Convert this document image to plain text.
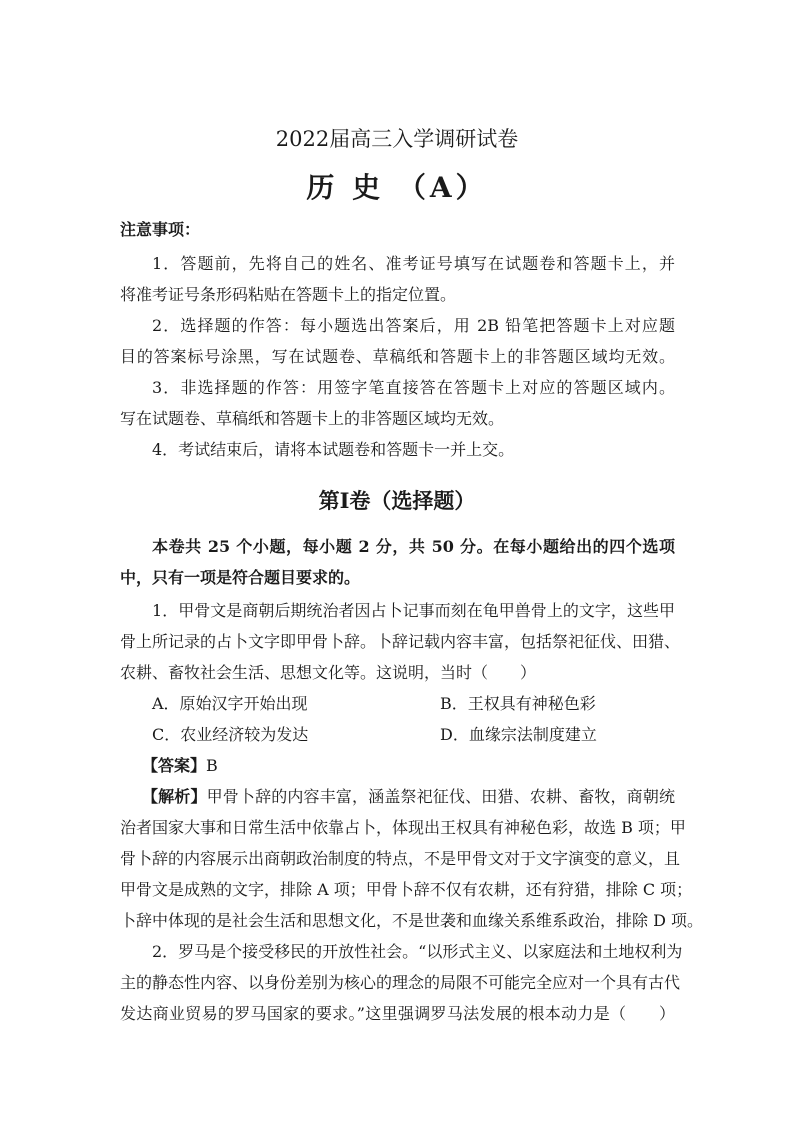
2022届高三入学调研试卷
历 史 （A）
注意事项：
1．答题前，先将自己的姓名、准考证号填写在试题卷和答题卡上，并
将准考证号条形码粘贴在答题卡上的指定位置。
2．选择题的作答：每小题选出答案后，用 2B 铅笔把答题卡上对应题
目的答案标号涂黑，写在试题卷、草稿纸和答题卡上的非答题区域均无效。
3．非选择题的作答：用签字笔直接答在答题卡上对应的答题区域内。
写在试题卷、草稿纸和答题卡上的非答题区域均无效。
4．考试结束后，请将本试题卷和答题卡一并上交。
第Ⅰ卷（选择题）
本卷共 25 个小题，每小题 2 分，共 50 分。在每小题给出的四个选项
中，只有一项是符合题目要求的。
1．甲骨文是商朝后期统治者因占卜记事而刻在龟甲兽骨上的文字，这些甲
骨上所记录的占卜文字即甲骨卜辞。卜辞记载内容丰富，包括祭祀征伐、田猎、
农耕、畜牧社会生活、思想文化等。这说明，当时（　　）
A．原始汉字开始出现	B．王权具有神秘色彩
C．农业经济较为发达	D．血缘宗法制度建立
【答案】B
【解析】甲骨卜辞的内容丰富，涵盖祭祀征伐、田猎、农耕、畜牧，商朝统
治者国家大事和日常生活中依靠占卜，体现出王权具有神秘色彩，故选 B 项；甲
骨卜辞的内容展示出商朝政治制度的特点，不是甲骨文对于文字演变的意义，且
甲骨文是成熟的文字，排除 A 项；甲骨卜辞不仅有农耕，还有狩猎，排除 C 项；
卜辞中体现的是社会生活和思想文化，不是世袭和血缘关系维系政治，排除 D 项。
2．罗马是个接受移民的开放性社会。“以形式主义、以家庭法和土地权利为
主的静态性内容、以身份差别为核心的理念的局限不可能完全应对一个具有古代
发达商业贸易的罗马国家的要求。”这里强调罗马法发展的根本动力是（　　）
